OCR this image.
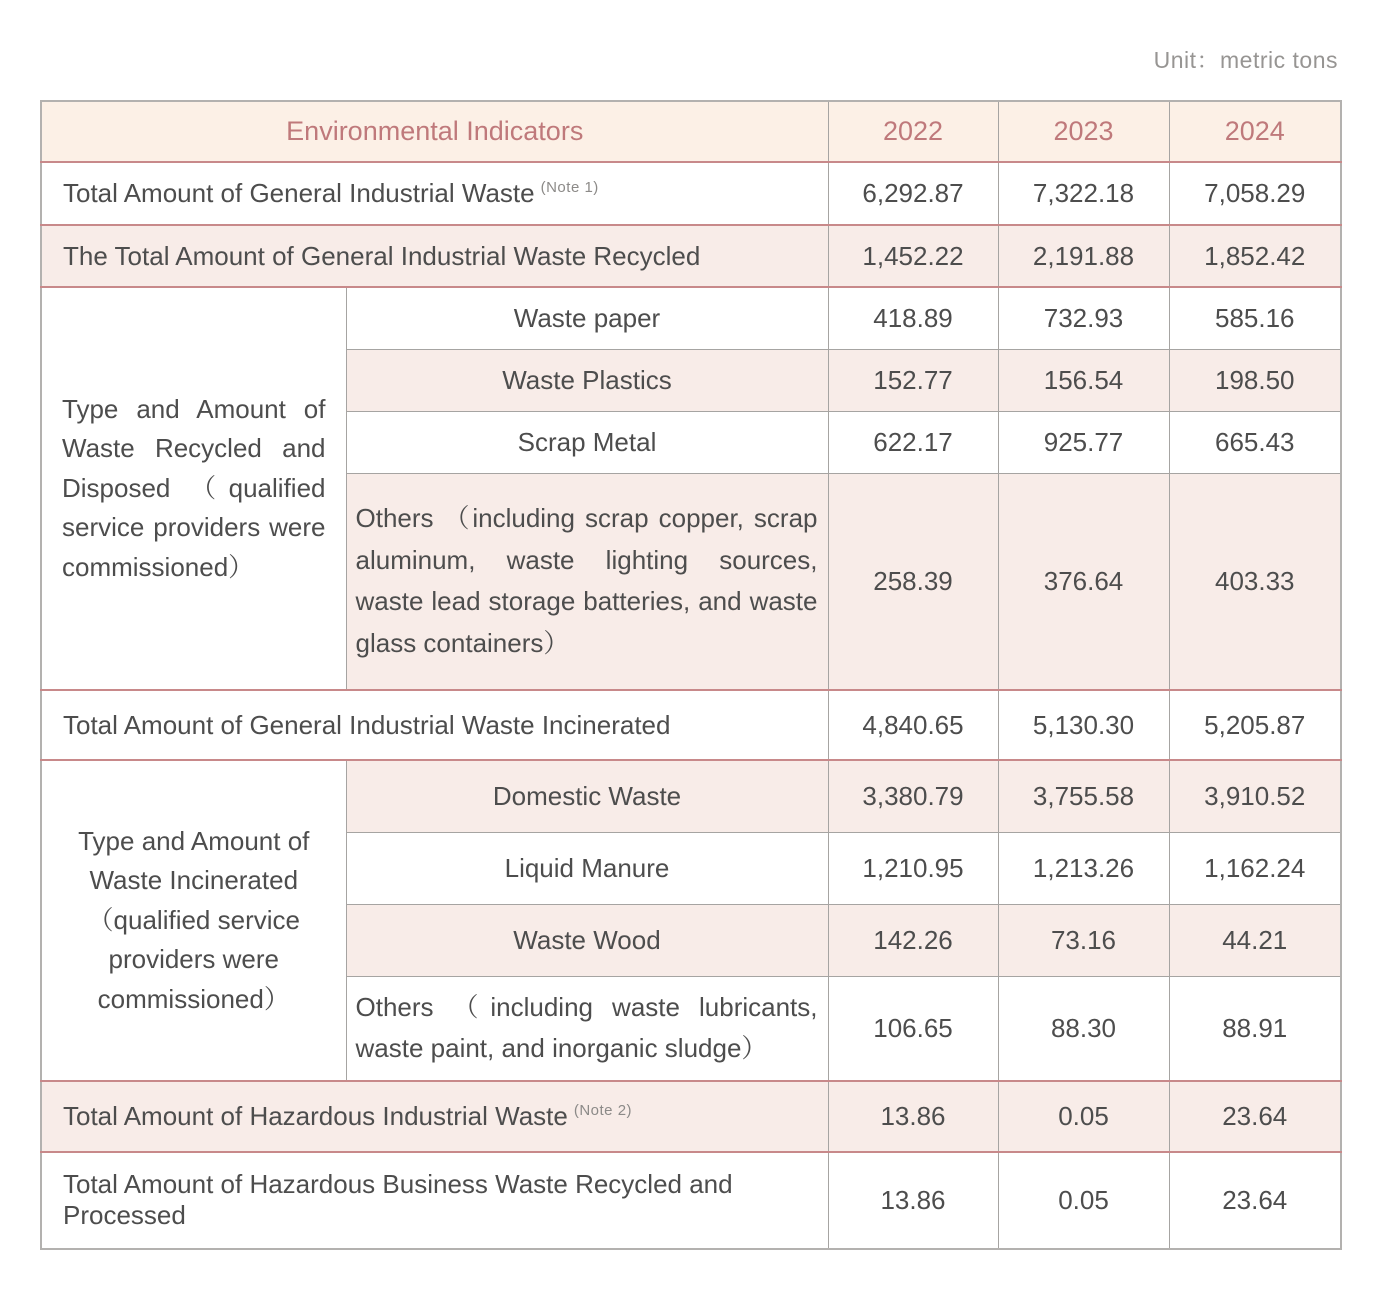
Unit：metric tons
Environmental Indicators		2022	2023	2024
Total Amount of General Industrial Waste $^{(Note 1)}$		6,292.87	7,322.18	7,058.29
The Total Amount of General Industrial Waste Recycled		1,452.22	2,191.88	1,852.42
Type and Amount of Waste Recycled and Disposed （qualified service providers were commissioned）	Waste paper	418.89	732.93	585.16
	Waste Plastics	152.77	156.54	198.50
	Scrap Metal	622.17	925.77	665.43
	Others （including scrap copper, scrap aluminum, waste lighting sources, waste lead storage batteries, and waste glass containers）	258.39	376.64	403.33
Total Amount of General Industrial Waste Incinerated		4,840.65	5,130.30	5,205.87
Type and Amount of Waste Incinerated （qualified service providers were commissioned）	Domestic Waste	3,380.79	3,755.58	3,910.52
	Liquid Manure	1,210.95	1,213.26	1,162.24
	Waste Wood	142.26	73.16	44.21
	Others （including waste lubricants, waste paint, and inorganic sludge）	106.65	88.30	88.91
Total Amount of Hazardous Industrial Waste $^{(Note 2)}$		13.86	0.05	23.64
Total Amount of Hazardous Business Waste Recycled and Processed		13.86	0.05	23.64
